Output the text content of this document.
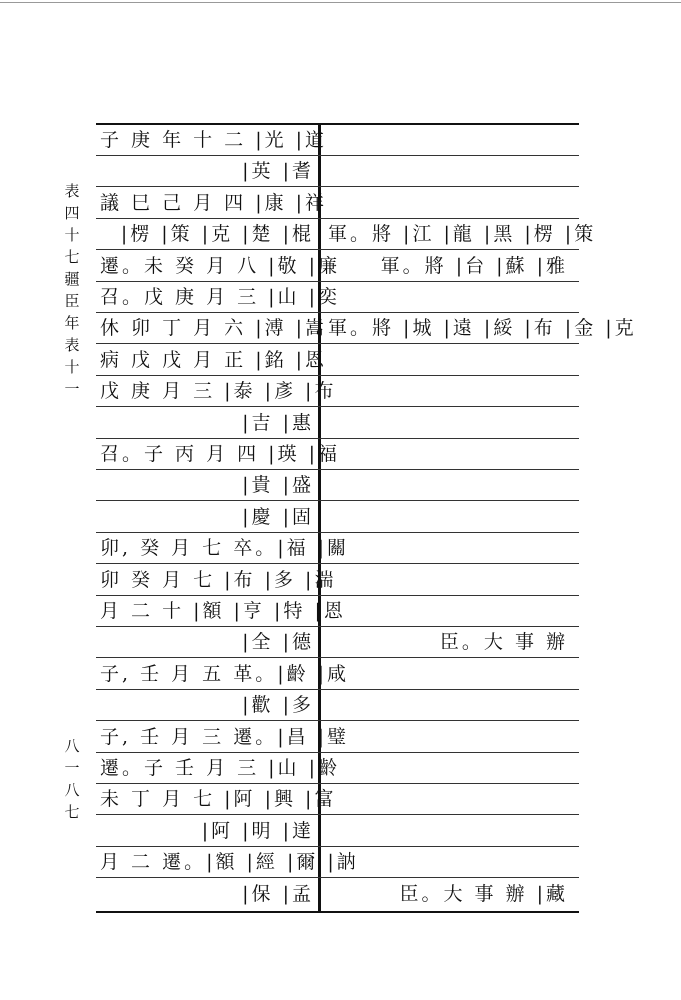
表四十七　疆臣年表十一
八一八七
子 庚 年 十 二 |光 |道
|英 |耆
議 巳 己 月 四 |康 |祥
|楞 |策 |克 |楚 |棍 軍。將 |江 |龍 |黑 |楞 |策
遷。未 癸 月 八 |敬 |廉	軍。將 |台 |蘇 |雅
召。戊 庚 月 三 |山 |奕
休 卯 丁 月 六 |溥 |嵩 軍。將 |城 |遠 |綏 |布 |金 |克
病 戊 戊 月 正 |銘 |恩
戊 庚 月 三 |泰 |彥 |布
|吉 |惠
召。子 丙 月 四 |瑛 |福
|貴 |盛
|慶 |固
卯, 癸 月 七 卒。|福 |關
卯 癸 月 七 |布 |多 |湍
月 二 十 |額 |亨 |特 |恩
|全 |德	臣。大 事 辦
子, 壬 月 五 革。|齡 |咸
|歡 |多
子, 壬 月 三 遷。|昌 |璧
遷。子 壬 月 三 |山 |齡
未 丁 月 七 |阿 |興 |富
|阿 |明 |達
月 二 遷。|額 |經 |爾 |訥
|保 |孟	臣。大 事 辦 |藏
